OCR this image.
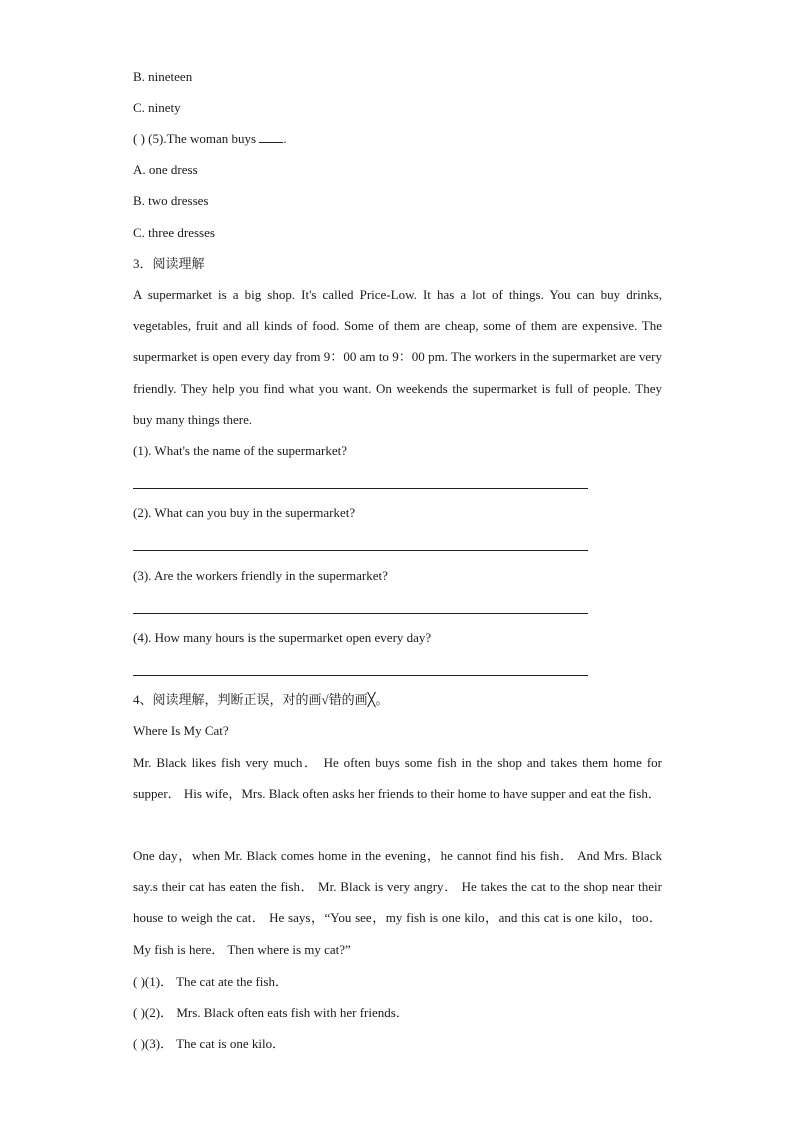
B. nineteen
C. ninety
( ) (5).The woman buys .
A. one dress
B. two dresses
C. three dresses
3．阅读理解
A supermarket is a big shop. It's called Price-Low. It has a lot of things. You can buy drinks, vegetables, fruit and all kinds of food. Some of them are cheap, some of them are expensive. The supermarket is open every day from 9：00 am to 9：00 pm. The workers in the supermarket are very friendly. They help you find what you want. On weekends the supermarket is full of people. They buy many things there.
(1). What's the name of the supermarket?
(2). What can you buy in the supermarket?
(3). Are the workers friendly in the supermarket?
(4). How many hours is the supermarket open every day?
4、阅读理解，判断正误，对的画√错的画╳。
Where Is My Cat?
Mr. Black likes fish very much． He often buys some fish in the shop and takes them home for supper． His wife，Mrs. Black often asks her friends to their home to have supper and eat the fish．
One day，when Mr. Black comes home in the evening，he cannot find his fish． And Mrs. Black say.s their cat has eaten the fish． Mr. Black is very angry． He takes the cat to the shop near their house to weigh the cat． He says，“You see，my fish is one kilo，and this cat is one kilo，too． My fish is here． Then where is my cat?”
( )(1)． The cat ate the fish．
( )(2)． Mrs. Black often eats fish with her friends．
( )(3)． The cat is one kilo．
